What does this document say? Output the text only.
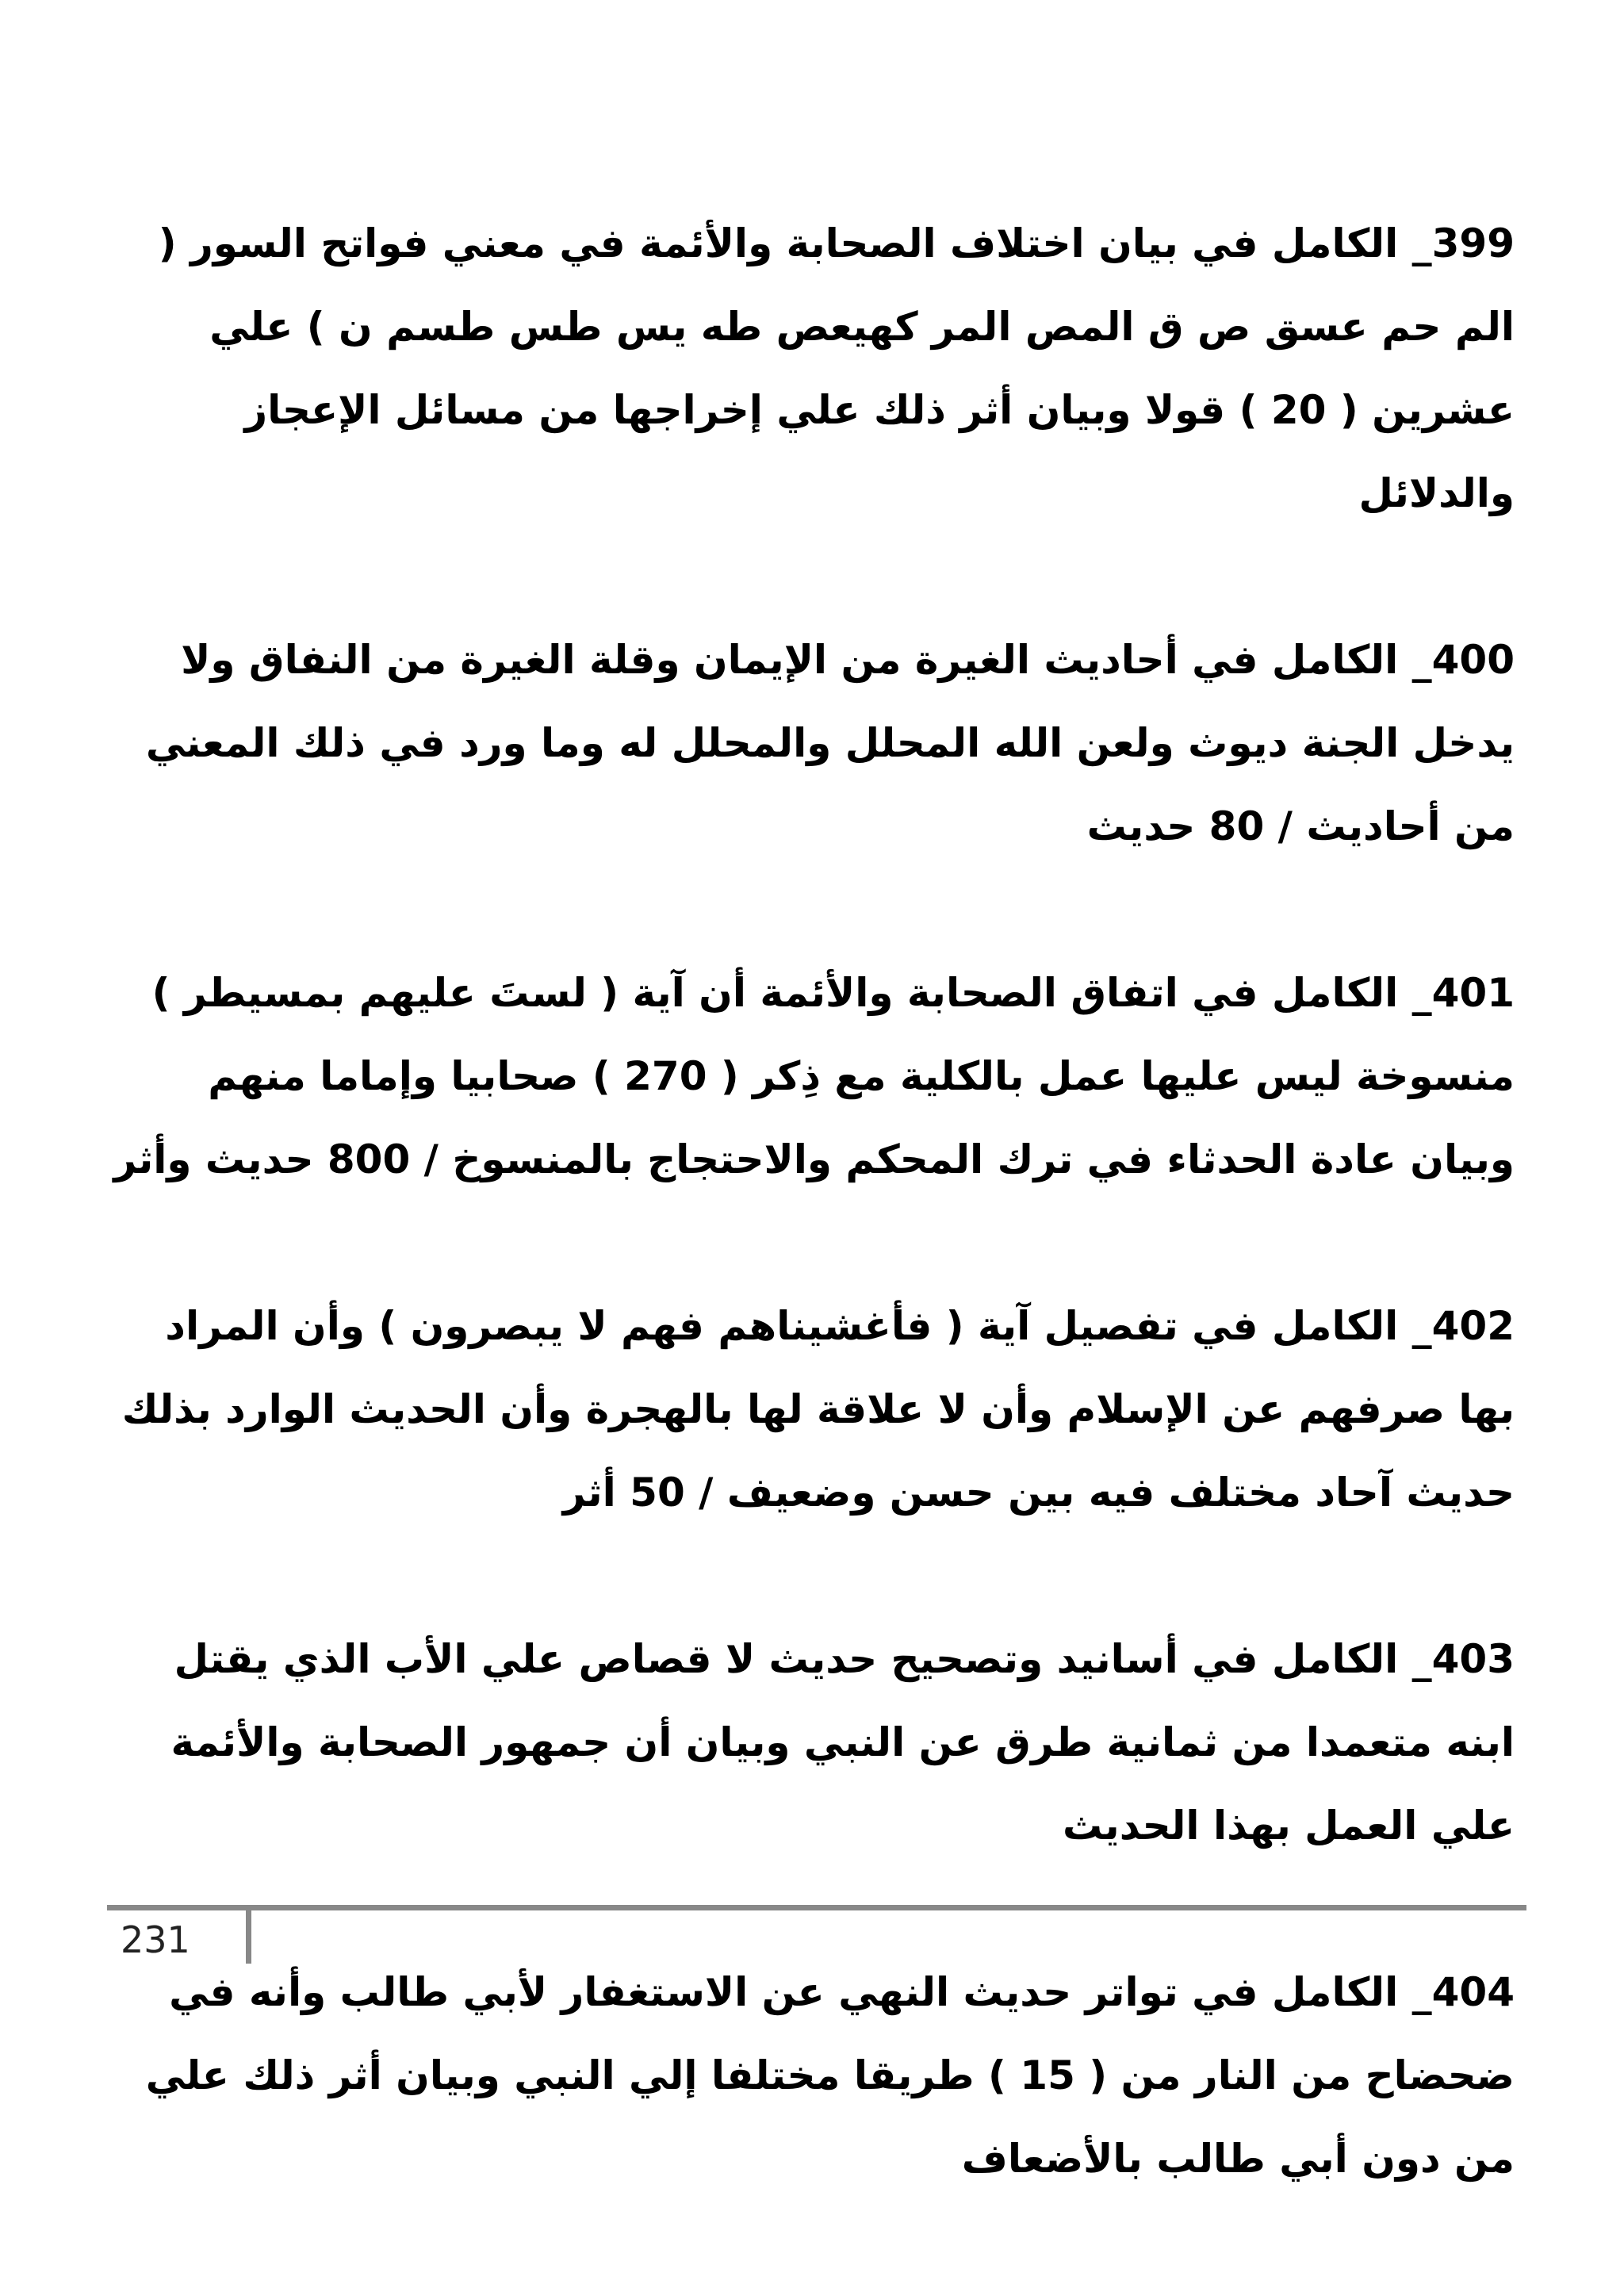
399_ الكامل في بيان اختلاف الصحابة والأئمة في معني فواتح السور ( الم حم عسق ص ق المص المر كهيعص طه يس طس طسم ن ) علي عشرين ( 20 ) قولا وبيان أثر ذلك علي إخراجها من مسائل الإعجاز والدلائل

400_ الكامل في أحاديث الغيرة من الإيمان وقلة الغيرة من النفاق ولا يدخل الجنة ديوث ولعن الله المحلل والمحلل له وما ورد في ذلك المعني من أحاديث / 80 حديث

401_ الكامل في اتفاق الصحابة والأئمة أن آية ( لستَ عليهم بمسيطر ) منسوخة ليس عليها عمل بالكلية مع ذِكر ( 270 ) صحابيا وإماما منهم وبيان عادة الحدثاء في ترك المحكم والاحتجاج بالمنسوخ / 800 حديث وأثر

402_ الكامل في تفصيل آية ( فأغشيناهم فهم لا يبصرون ) وأن المراد بها صرفهم عن الإسلام وأن لا علاقة لها بالهجرة وأن الحديث الوارد بذلك حديث آحاد مختلف فيه بين حسن وضعيف / 50 أثر

403_ الكامل في أسانيد وتصحيح حديث لا قصاص علي الأب الذي يقتل ابنه متعمدا من ثمانية طرق عن النبي وبيان أن جمهور الصحابة والأئمة علي العمل بهذا الحديث

404_ الكامل في تواتر حديث النهي عن الاستغفار لأبي طالب وأنه في ضحضاح من النار من ( 15 ) طريقا مختلفا إلي النبي وبيان أثر ذلك علي من دون أبي طالب بالأضعاف

231
